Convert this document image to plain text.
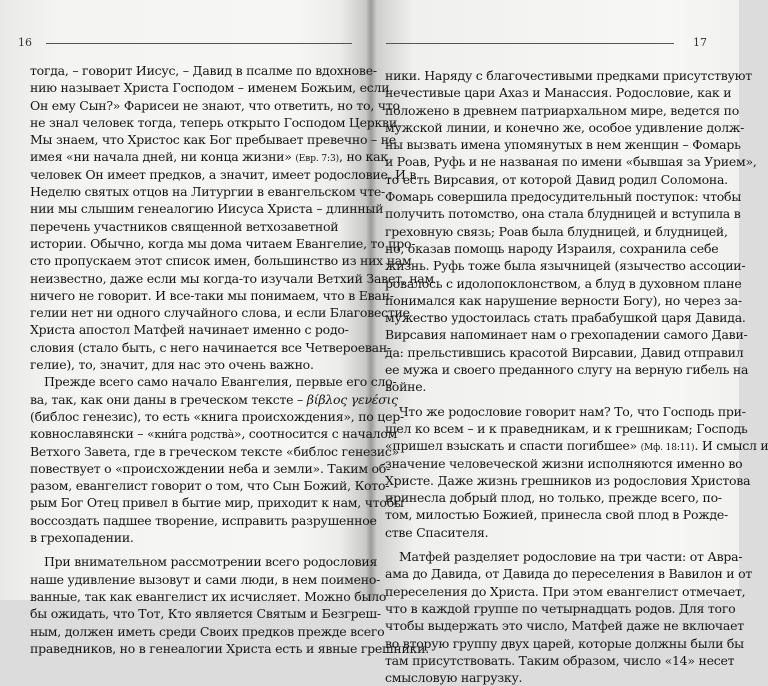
16
тогда, – говорит Иисус, – Давид в псалме по вдохнове-
нию называет Христа Господом – именем Божьим, если
Он ему Сын?» Фарисеи не знают, что ответить, но то, что
не знал человек тогда, теперь открыто Господом Церкви.
Мы знаем, что Христос как Бог пребывает превечно – не
имея «ни начала дней, ни конца жизни» (Евр. 7:3), но как
человек Он имеет предков, а значит, имеет родословие. И в
Неделю святых отцов на Литургии в евангельском чте-
нии мы слышим генеалогию Иисуса Христа – длинный
перечень участников священной ветхозаветной
истории. Обычно, когда мы дома читаем Евангелие, то про-
сто пропускаем этот список имен, большинство из них нам
неизвестно, даже если мы когда-то изучали Ветхий Завет, нам
ничего не говорит. И все-таки мы понимаем, что в Еван-
гелии нет ни одного случайного слова, и если Благовестие
Христа апостол Матфей начинает именно с родо-
словия (стало быть, с него начинается все Четвероеван-
гелие), то, значит, для нас это очень важно.
Прежде всего само начало Евангелия, первые его сло-
ва, так, как они даны в греческом тексте – βίβλος γενέσις
(библос генезис), то есть «книга происхождения», по цер-
ковнославянски – «кни́га родства̀», соотносится с началом
Ветхого Завета, где в греческом тексте «библос генезис»
повествует о «происхождении неба и земли». Таким об-
разом, евангелист говорит о том, что Сын Божий, Кото-
рым Бог Отец привел в бытие мир, приходит к нам, чтобы
воссоздать падшее творение, исправить разрушенное
в грехопадении.
При внимательном рассмотрении всего родословия
наше удивление вызовут и сами люди, в нем поимено-
ванные, так как евангелист их исчисляет. Можно было
бы ожидать, что Тот, Кто является Святым и Безгреш-
ным, должен иметь среди Своих предков прежде всего
праведников, но в генеалогии Христа есть и явные грешники.
17
ники. Наряду с благочестивыми предками присутствуют
нечестивые цари Ахаз и Манассия. Родословие, как и
положено в древнем патриархальном мире, ведется по
мужской линии, и конечно же, особое удивление долж-
ны вызвать имена упомянутых в нем женщин – Фомарь
и Роав, Руфь и не названая по имени «бывшая за Урием»,
то есть Вирсавия, от которой Давид родил Соломона.
Фомарь совершила предосудительный поступок: чтобы
получить потомство, она стала блудницей и вступила в
греховную связь; Роав была блудницей, и блудницей,
но, оказав помощь народу Израиля, сохранила себе
жизнь. Руфь тоже была язычницей (язычество ассоции-
ровалось с идолопоклонством, а блуд в духовном плане
понимался как нарушение верности Богу), но через за-
мужество удостоилась стать прабабушкой царя Давида.
Вирсавия напоминает нам о грехопадении самого Дави-
да: прельстившись красотой Вирсавии, Давид отправил
ее мужа и своего преданного слугу на верную гибель на
войне.
Что же родословие говорит нам? То, что Господь при-
шел ко всем – и к праведникам, и к грешникам; Господь
«пришел взыскать и спасти погибшее» (Мф. 18:11). И смысл и
значение человеческой жизни исполняются именно во
Христе. Даже жизнь грешников из родословия Христова
принесла добрый плод, но только, прежде всего, по-
том, милостью Божией, принесла свой плод в Рожде-
стве Спасителя.
Матфей разделяет родословие на три части: от Авра-
ама до Давида, от Давида до переселения в Вавилон и от
переселения до Христа. При этом евангелист отмечает,
что в каждой группе по четырнадцать родов. Для того
чтобы выдержать это число, Матфей даже не включает
во вторую группу двух царей, которые должны были бы
там присутствовать. Таким образом, число «14» несет
смысловую нагрузку.
